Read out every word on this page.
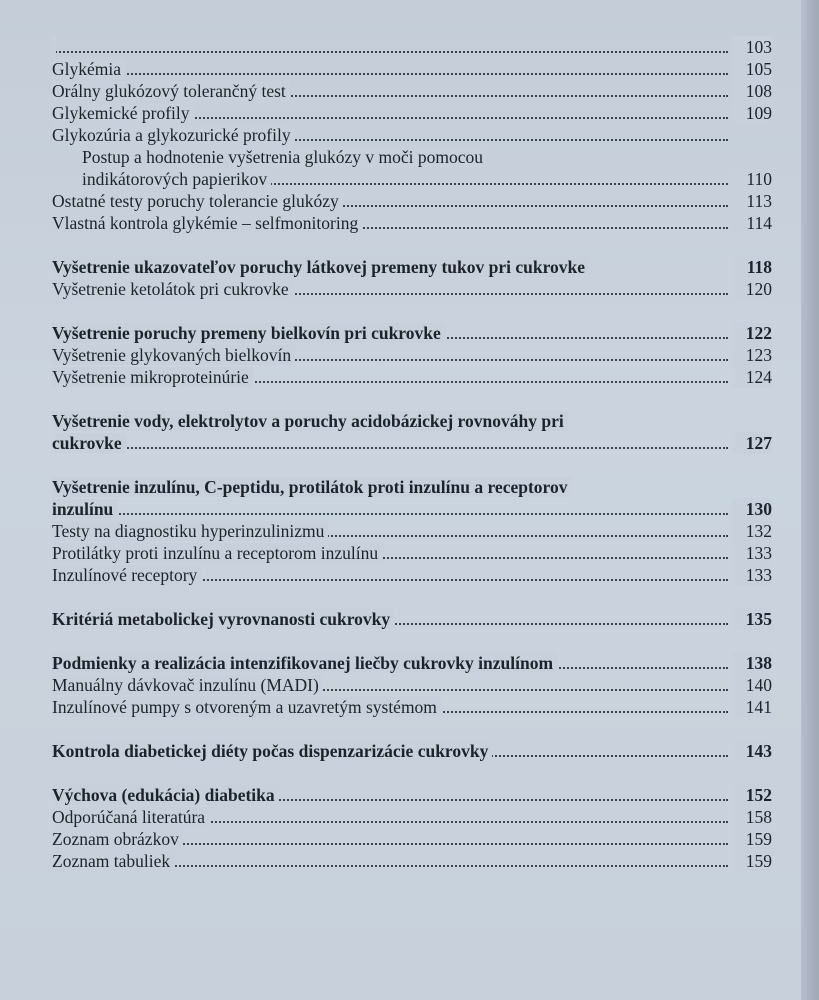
103
Glykémia	105
Orálny glukózový tolerančný test	108
Glykemické profily	109
Glykozúria a glykozurické profily
Postup a hodnotenie vyšetrenia glukózy v moči pomocou
indikátorových papierikov	110
Ostatné testy poruchy tolerancie glukózy	113
Vlastná kontrola glykémie – selfmonitoring	114
Vyšetrenie ukazovateľov poruchy látkovej premeny tukov pri cukrovke	118
Vyšetrenie ketolátok pri cukrovke	120
Vyšetrenie poruchy premeny bielkovín pri cukrovke	122
Vyšetrenie glykovaných bielkovín	123
Vyšetrenie mikroproteinúrie	124
Vyšetrenie vody, elektrolytov a poruchy acidobázickej rovnováhy pri
cukrovke	127
Vyšetrenie inzulínu, C-peptidu, protilátok proti inzulínu a receptorov
inzulínu	130
Testy na diagnostiku hyperinzulinizmu	132
Protilátky proti inzulínu a receptorom inzulínu	133
Inzulínové receptory	133
Kritériá metabolickej vyrovnanosti cukrovky	135
Podmienky a realizácia intenzifikovanej liečby cukrovky inzulínom	138
Manuálny dávkovač inzulínu (MADI)	140
Inzulínové pumpy s otvoreným a uzavretým systémom	141
Kontrola diabetickej diéty počas dispenzarizácie cukrovky	143
Výchova (edukácia) diabetika	152
Odporúčaná literatúra	158
Zoznam obrázkov	159
Zoznam tabuliek	159
